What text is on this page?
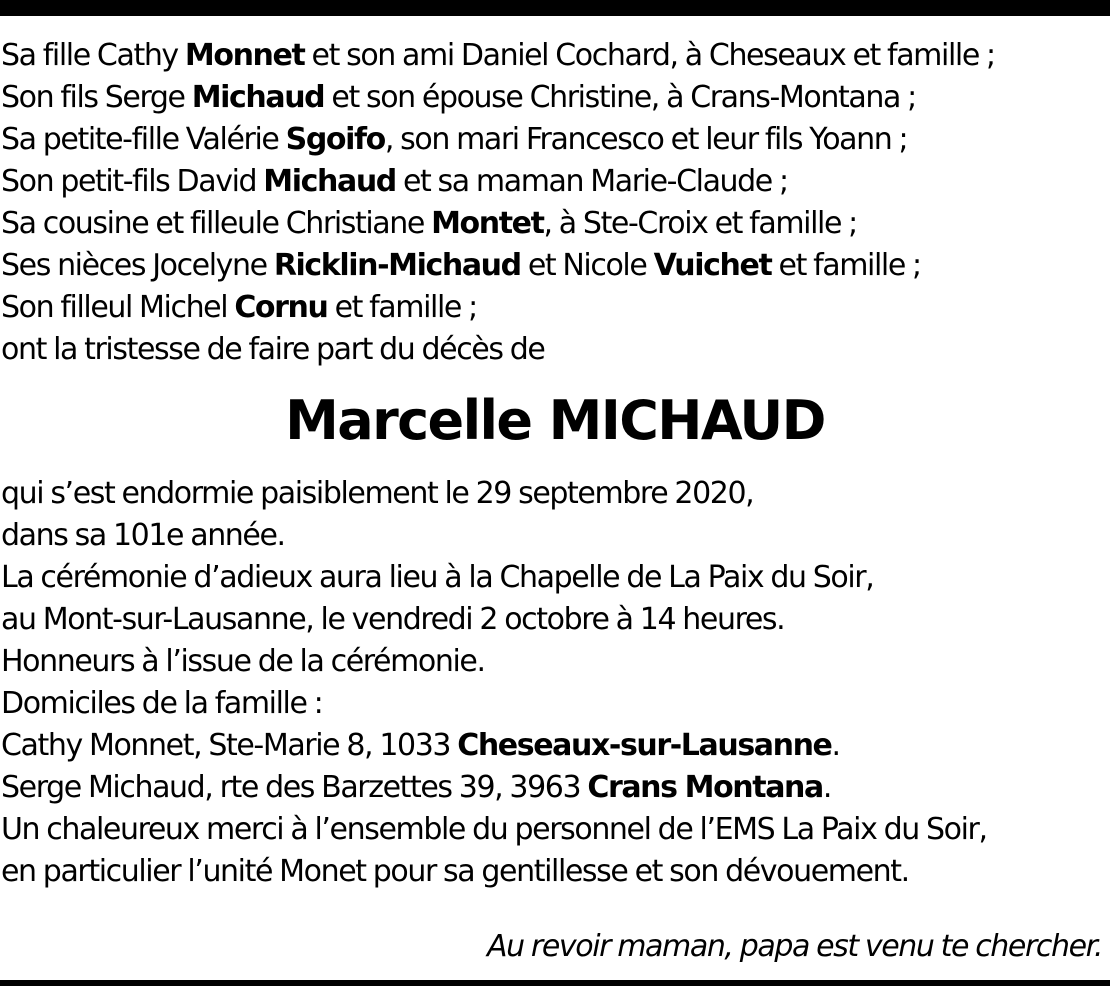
Sa fille Cathy Monnet et son ami Daniel Cochard, à Cheseaux et famille ;
Son fils Serge Michaud et son épouse Christine, à Crans-Montana ;
Sa petite-fille Valérie Sgoifo, son mari Francesco et leur fils Yoann ;
Son petit-fils David Michaud et sa maman Marie-Claude ;
Sa cousine et filleule Christiane Montet, à Ste-Croix et famille ;
Ses nièces Jocelyne Ricklin-Michaud et Nicole Vuichet et famille ;
Son filleul Michel Cornu et famille ;
ont la tristesse de faire part du décès de
Marcelle MICHAUD
qui s’est endormie paisiblement le 29 septembre 2020,
dans sa 101e année.
La cérémonie d’adieux aura lieu à la Chapelle de La Paix du Soir,
au Mont-sur-Lausanne, le vendredi 2 octobre à 14 heures.
Honneurs à l’issue de la cérémonie.
Domiciles de la famille :
Cathy Monnet, Ste-Marie 8, 1033 Cheseaux-sur-Lausanne.
Serge Michaud, rte des Barzettes 39, 3963 Crans Montana.
Un chaleureux merci à l’ensemble du personnel de l’EMS La Paix du Soir,
en particulier l’unité Monet pour sa gentillesse et son dévouement.
Au revoir maman, papa est venu te chercher.
